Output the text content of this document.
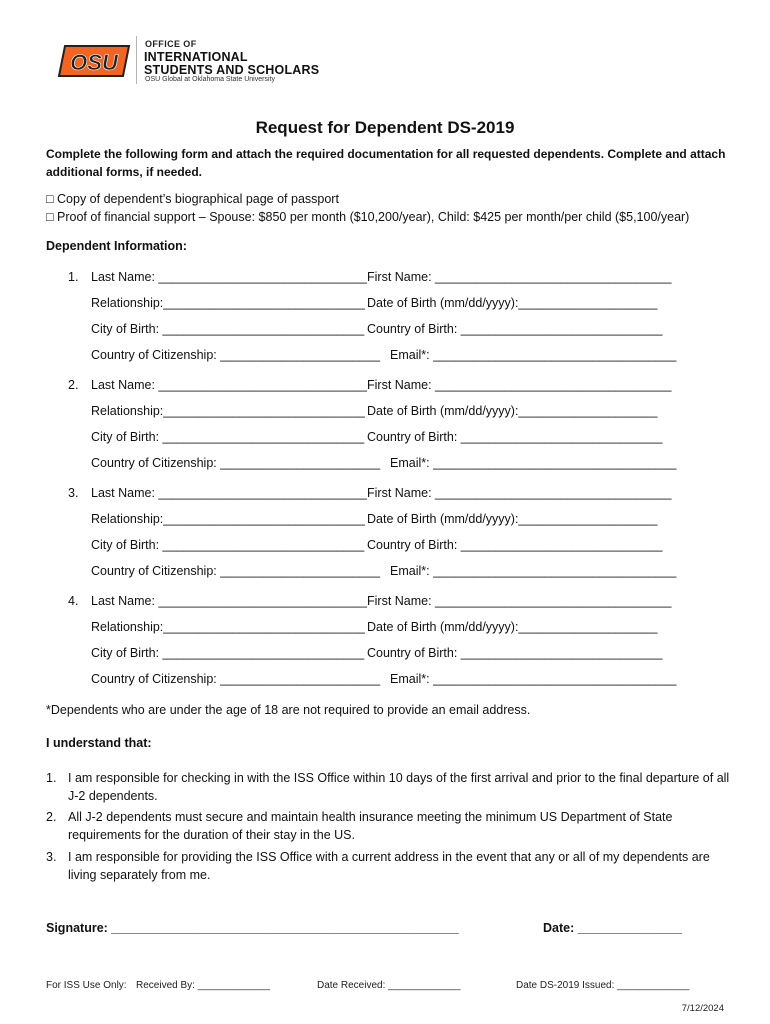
OSU
OFFICE OF
INTERNATIONAL
STUDENTS AND SCHOLARS
OSU Global at Oklahoma State University
Request for Dependent DS-2019
Complete the following form and attach the required documentation for all requested dependents. Complete and attach additional forms, if needed.
□ Copy of dependent’s biographical page of passport
□ Proof of financial support – Spouse: $850 per month ($10,200/year), Child: $425 per month/per child ($5,100/year)
Dependent Information:
1. Last Name: ______________________________ First Name: __________________________________
Relationship:_____________________________ Date of Birth (mm/dd/yyyy):____________________
City of Birth: _____________________________ Country of Birth: _____________________________
Country of Citizenship: _______________________ Email*: ___________________________________
2. Last Name: ______________________________ First Name: __________________________________
Relationship:_____________________________ Date of Birth (mm/dd/yyyy):____________________
City of Birth: _____________________________ Country of Birth: _____________________________
Country of Citizenship: _______________________ Email*: ___________________________________
3. Last Name: ______________________________ First Name: __________________________________
Relationship:_____________________________ Date of Birth (mm/dd/yyyy):____________________
City of Birth: _____________________________ Country of Birth: _____________________________
Country of Citizenship: _______________________ Email*: ___________________________________
4. Last Name: ______________________________ First Name: __________________________________
Relationship:_____________________________ Date of Birth (mm/dd/yyyy):____________________
City of Birth: _____________________________ Country of Birth: _____________________________
Country of Citizenship: _______________________ Email*: ___________________________________
*Dependents who are under the age of 18 are not required to provide an email address.
I understand that:
1. I am responsible for checking in with the ISS Office within 10 days of the first arrival and prior to the final departure of all J-2 dependents.
2. All J-2 dependents must secure and maintain health insurance meeting the minimum US Department of State requirements for the duration of their stay in the US.
3. I am responsible for providing the ISS Office with a current address in the event that any or all of my dependents are living separately from me.
Signature: __________________________________________________	Date: _______________
For ISS Use Only: Received By: _____________	Date Received: _____________	Date DS-2019 Issued: _____________
7/12/2024
